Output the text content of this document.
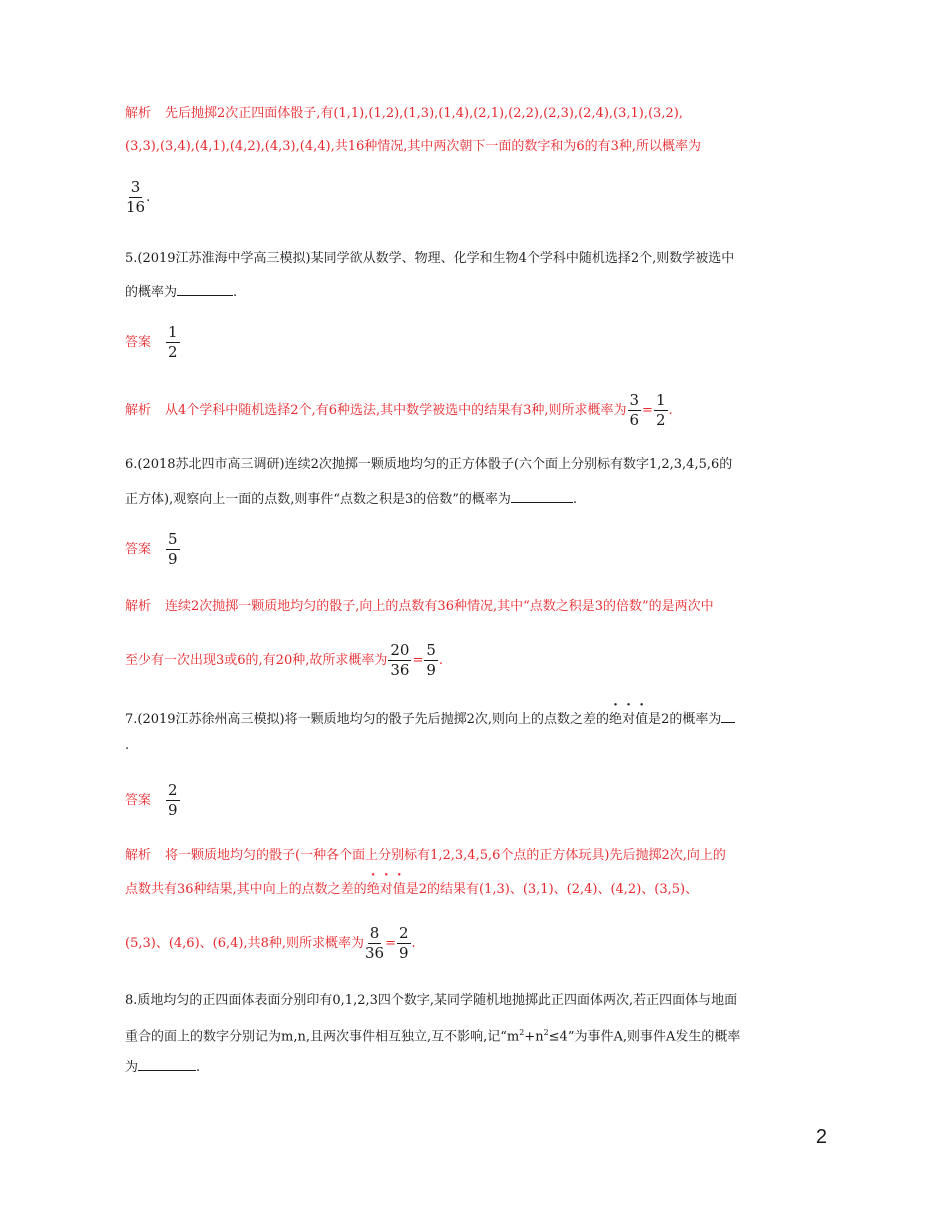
解析 先后抛掷2次正四面体骰子,有(1,1),(1,2),(1,3),(1,4),(2,1),(2,2),(2,3),(2,4),(3,1),(3,2),
(3,3),(3,4),(4,1),(4,2),(4,3),(4,4),共16种情况,其中两次朝下一面的数字和为6的有3种,所以概率为
$\frac{3}{16}$ .
5.(2019江苏淮海中学高三模拟)某同学欲从数学、物理、化学和生物4个学科中随机选择2个,则数学被选中
的概率为	.
答案 $\frac{1}{2}$
解析 从4个学科中随机选择2个,有6种选法,其中数学被选中的结果有3种,则所求概率为 $\frac{3}{6} = \frac{1}{2}$ .
6.(2018苏北四市高三调研)连续2次抛掷一颗质地均匀的正方体骰子(六个面上分别标有数字1,2,3,4,5,6的
正方体),观察向上一面的点数,则事件“点数之积是3的倍数”的概率为	.
答案 $\frac{5}{9}$
解析 连续2次抛掷一颗质地均匀的骰子,向上的点数有36种情况,其中“点数之积是3的倍数”的是两次中
至少有一次出现3或6的,有20种,故所求概率为 $\frac{20}{36} = \frac{5}{9}$ .
7.(2019江苏徐州高三模拟)将一颗质地均匀的骰子先后抛掷2次,则向上的点数之差的绝对值是2的概率为
.
答案 $\frac{2}{9}$
解析 将一颗质地均匀的骰子(一种各个面上分别标有1,2,3,4,5,6个点的正方体玩具)先后抛掷2次,向上的
点数共有36种结果,其中向上的点数之差的绝对值是2的结果有(1,3)、(3,1)、(2,4)、(4,2)、(3,5)、
(5,3)、(4,6)、(6,4),共8种,则所求概率为 $\frac{8}{36} = \frac{2}{9}$ .
8.质地均匀的正四面体表面分别印有0,1,2,3四个数字,某同学随机地抛掷此正四面体两次,若正四面体与地面
重合的面上的数字分别记为m,n,且两次事件相互独立,互不影响,记“$m^2+n^2\le 4$”为事件A,则事件A发生的概率
为	.
2
